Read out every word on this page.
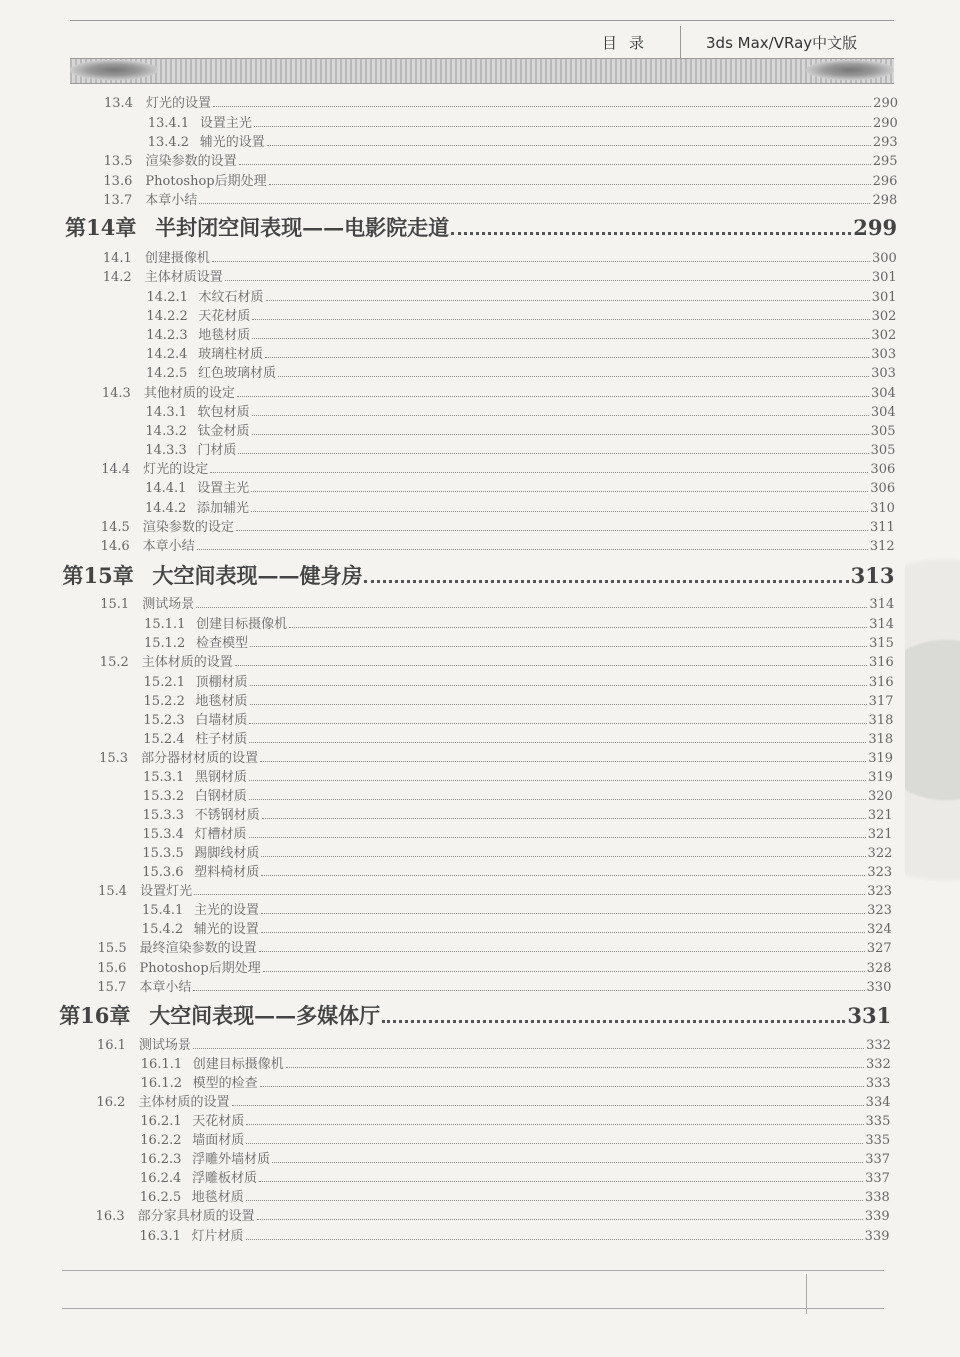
目录	3ds Max/VRay中文版
13.4	灯光的设置	290
13.4.1 设置主光	290
13.4.2 辅光的设置	293
13.5	渲染参数的设置	295
13.6	Photoshop后期处理	296
13.7	本章小结	298
第14章 半封闭空间表现——电影院走道	299
14.1	创建摄像机	300
14.2	主体材质设置	301
14.2.1 木纹石材质	301
14.2.2 天花材质	302
14.2.3 地毯材质	302
14.2.4 玻璃柱材质	303
14.2.5 红色玻璃材质	303
14.3	其他材质的设定	304
14.3.1 软包材质	304
14.3.2 钛金材质	305
14.3.3 门材质	305
14.4	灯光的设定	306
14.4.1 设置主光	306
14.4.2 添加辅光	310
14.5	渲染参数的设定	311
14.6	本章小结	312
第15章 大空间表现——健身房	313
15.1	测试场景	314
15.1.1 创建目标摄像机	314
15.1.2 检查模型	315
15.2	主体材质的设置	316
15.2.1 顶棚材质	316
15.2.2 地毯材质	317
15.2.3 白墙材质	318
15.2.4 柱子材质	318
15.3	部分器材材质的设置	319
15.3.1 黑钢材质	319
15.3.2 白钢材质	320
15.3.3 不锈钢材质	321
15.3.4 灯槽材质	321
15.3.5 踢脚线材质	322
15.3.6 塑料椅材质	323
15.4	设置灯光	323
15.4.1 主光的设置	323
15.4.2 辅光的设置	324
15.5	最终渲染参数的设置	327
15.6	Photoshop后期处理	328
15.7	本章小结	330
第16章 大空间表现——多媒体厅	331
16.1	测试场景	332
16.1.1 创建目标摄像机	332
16.1.2 模型的检查	333
16.2	主体材质的设置	334
16.2.1 天花材质	335
16.2.2 墙面材质	335
16.2.3 浮雕外墙材质	337
16.2.4 浮雕板材质	337
16.2.5 地毯材质	338
16.3	部分家具材质的设置	339
16.3.1 灯片材质	339
